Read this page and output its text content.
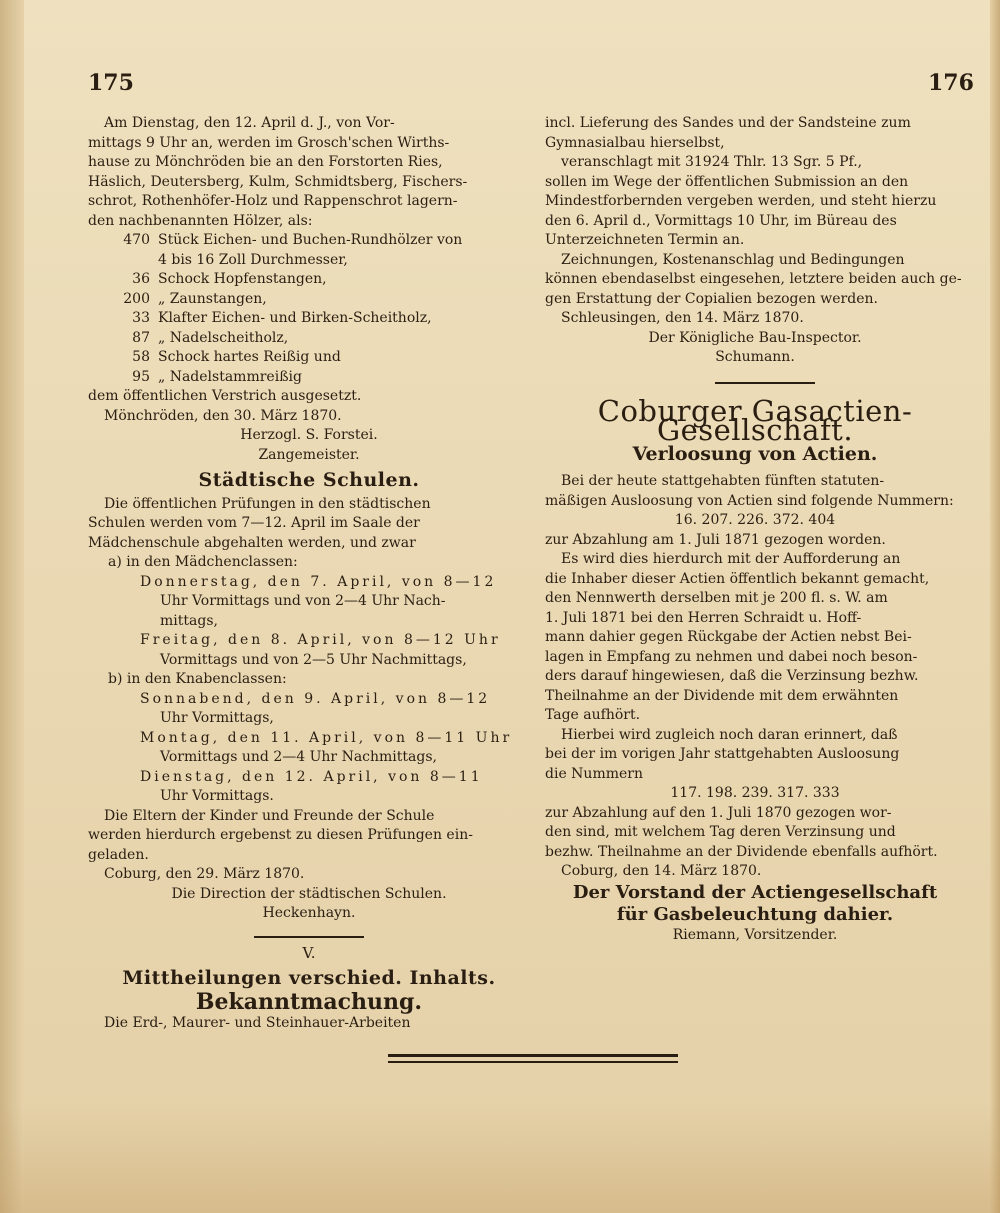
175	176

Am Dienstag, den 12. April d. J., von Vor-

mittags 9 Uhr an, werden im Grosch'schen Wirths-

hause zu Mönchröden bie an den Forstorten Ries,

Häslich, Deutersberg, Kulm, Schmidtsberg, Fischers-

schrot, Rothenhöfer-Holz und Rappenschrot lagern-

den nachbenannten Hölzer, als:

470 Stück Eichen- und Buchen-Rundhölzer von
4 bis 16 Zoll Durchmesser,
36 Schock Hopfenstangen,
200 „ Zaunstangen,
33 Klafter Eichen- und Birken-Scheitholz,
87 „ Nadelscheitholz,
58 Schock hartes Reißig und
95 „ Nadelstammreißig

dem öffentlichen Verstrich ausgesetzt.

Mönchröden, den 30. März 1870.

Herzogl. S. Forstei.

Zangemeister.

Städtische Schulen.

Die öffentlichen Prüfungen in den städtischen

Schulen werden vom 7—12. April im Saale der

Mädchenschule abgehalten werden, und zwar

a) in den Mädchenclassen:

Donnerstag, den 7. April, von 8—12

Uhr Vormittags und von 2—4 Uhr Nach-

mittags,

Freitag, den 8. April, von 8—12 Uhr

Vormittags und von 2—5 Uhr Nachmittags,

b) in den Knabenclassen:

Sonnabend, den 9. April, von 8—12

Uhr Vormittags,

Montag, den 11. April, von 8—11 Uhr

Vormittags und 2—4 Uhr Nachmittags,

Dienstag, den 12. April, von 8—11

Uhr Vormittags.

Die Eltern der Kinder und Freunde der Schule

werden hierdurch ergebenst zu diesen Prüfungen ein-

geladen.

Coburg, den 29. März 1870.

Die Direction der städtischen Schulen.

Heckenhayn.

V.

Mittheilungen verschied. Inhalts.

Bekanntmachung.

Die Erd-, Maurer- und Steinhauer-Arbeiten

incl. Lieferung des Sandes und der Sandsteine zum

Gymnasialbau hierselbst,

veranschlagt mit 31924 Thlr. 13 Sgr. 5 Pf.,

sollen im Wege der öffentlichen Submission an den

Mindestforbernden vergeben werden, und steht hierzu

den 6. April d., Vormittags 10 Uhr, im Büreau des

Unterzeichneten Termin an.

Zeichnungen, Kostenanschlag und Bedingungen

können ebendaselbst eingesehen, letztere beiden auch ge-

gen Erstattung der Copialien bezogen werden.

Schleusingen, den 14. März 1870.

Der Königliche Bau-Inspector.

Schumann.

Coburger Gasactien-Gesellschaft.

Verloosung von Actien.

Bei der heute stattgehabten fünften statuten-

mäßigen Ausloosung von Actien sind folgende Nummern:

16. 207. 226. 372. 404

zur Abzahlung am 1. Juli 1871 gezogen worden.

Es wird dies hierdurch mit der Aufforderung an

die Inhaber dieser Actien öffentlich bekannt gemacht,

den Nennwerth derselben mit je 200 fl. s. W. am

1. Juli 1871 bei den Herren Schraidt u. Hoff-

mann dahier gegen Rückgabe der Actien nebst Bei-

lagen in Empfang zu nehmen und dabei noch beson-

ders darauf hingewiesen, daß die Verzinsung bezhw.

Theilnahme an der Dividende mit dem erwähnten

Tage aufhört.

Hierbei wird zugleich noch daran erinnert, daß

bei der im vorigen Jahr stattgehabten Ausloosung

die Nummern

117. 198. 239. 317. 333

zur Abzahlung auf den 1. Juli 1870 gezogen wor-

den sind, mit welchem Tag deren Verzinsung und

bezhw. Theilnahme an der Dividende ebenfalls aufhört.

Coburg, den 14. März 1870.

Der Vorstand der Actiengesellschaft

für Gasbeleuchtung dahier.

Riemann, Vorsitzender.
